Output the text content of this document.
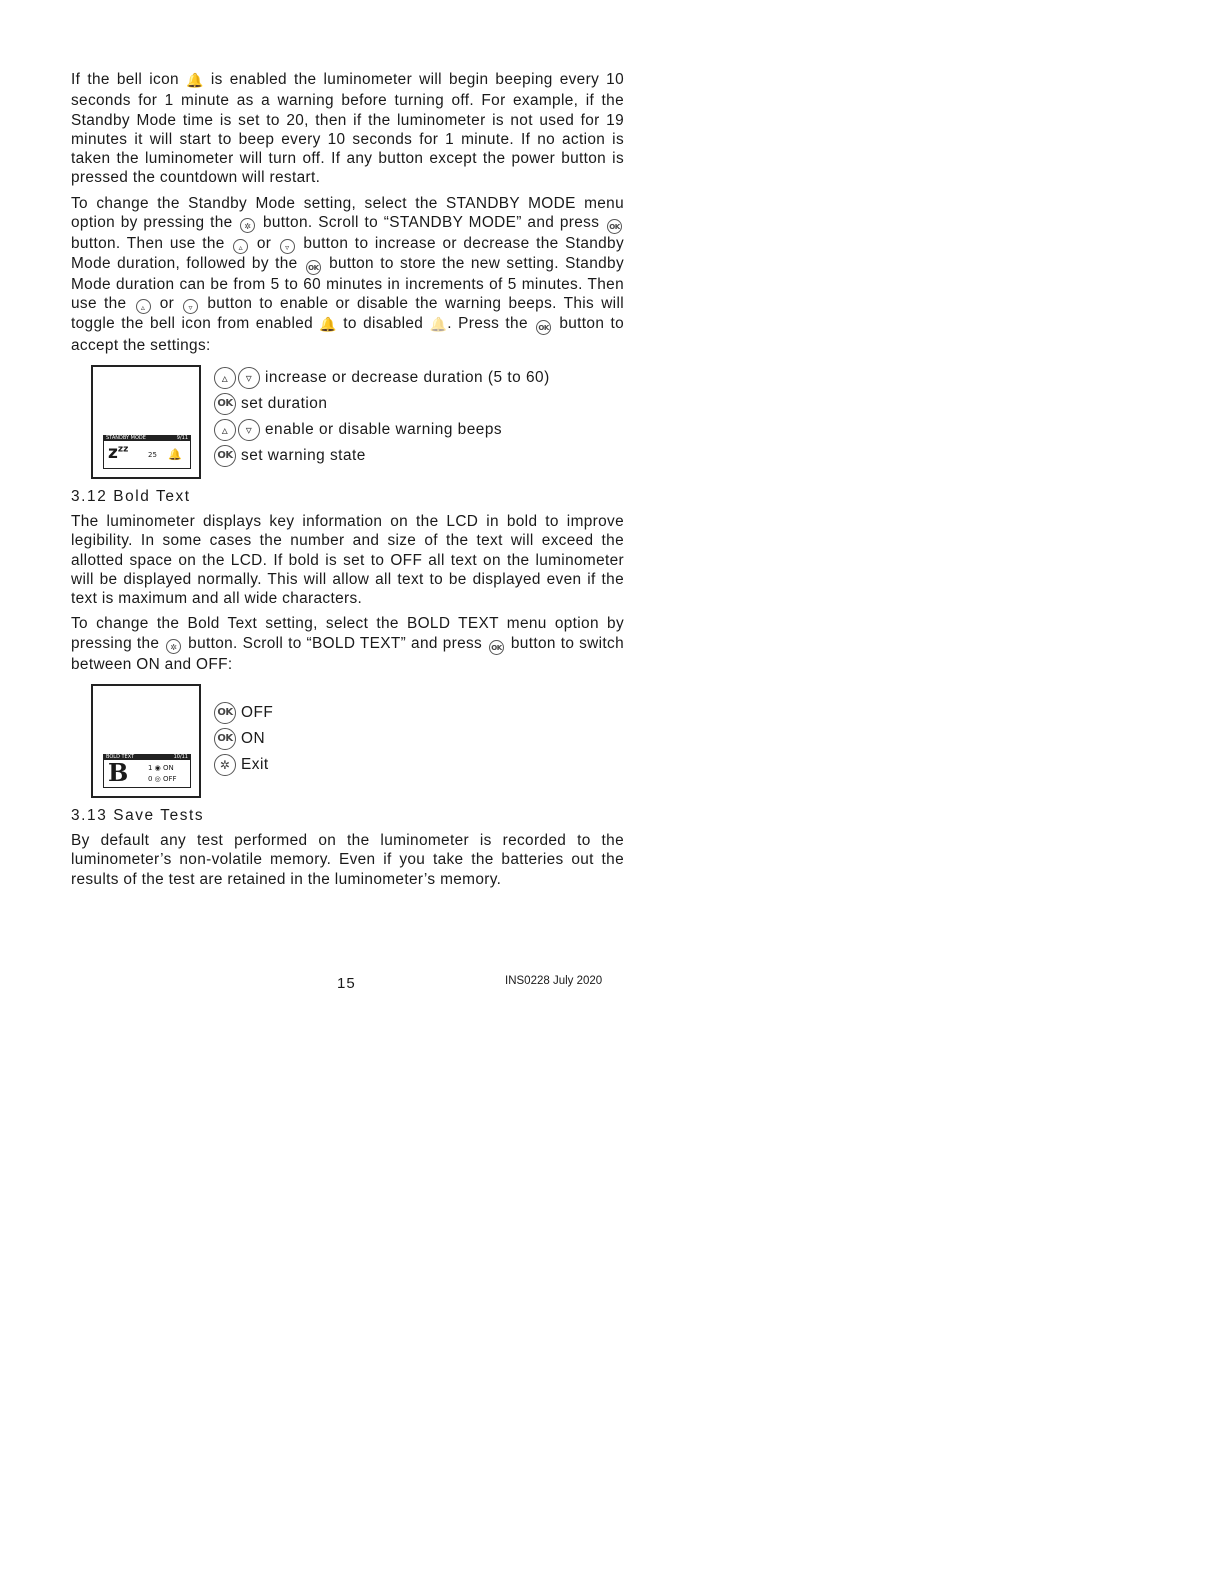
If the bell icon 🔔 is enabled the luminometer will begin beeping every 10 seconds for 1 minute as a warning before turning off. For example, if the Standby Mode time is set to 20, then if the luminometer is not used for 19 minutes it will start to beep every 10 seconds for 1 minute. If no action is taken the luminometer will turn off. If any button except the power button is pressed the countdown will restart.

To change the Standby Mode setting, select the STANDBY MODE menu option by pressing the ✲ button. Scroll to “STANDBY MODE” and press OK button. Then use the ▵ or ▿ button to increase or decrease the Standby Mode duration, followed by the OK button to store the new setting. Standby Mode duration can be from 5 to 60 minutes in increments of 5 minutes. Then use the ▵ or ▿ button to enable or disable the warning beeps. This will toggle the bell icon from enabled 🔔 to disabled 🔔. Press the OK button to accept the settings:

STANDBY MODE	9/11
$z^{zz}$
25 🔔
▵	▿ increase or decrease duration (5 to 60)
OK set duration
▵	▿ enable or disable warning beeps
OK set warning state
3.12 Bold Text

The luminometer displays key information on the LCD in bold to improve legibility. In some cases the number and size of the text will exceed the allotted space on the LCD. If bold is set to OFF all text on the luminometer will be displayed normally. This will allow all text to be displayed even if the text is maximum and all wide characters.

To change the Bold Text setting, select the BOLD TEXT menu option by pressing the ✲ button. Scroll to “BOLD TEXT” and press OK button to switch between ON and OFF:

BOLD TEXT	10/11
B	1 ◉ ON
0 ◎ OFF
OK OFF
OK ON
✲ Exit
3.13 Save Tests

By default any test performed on the luminometer is recorded to the luminometer’s non-volatile memory. Even if you take the batteries out the results of the test are retained in the luminometer’s memory.

15	INS0228 July 2020
